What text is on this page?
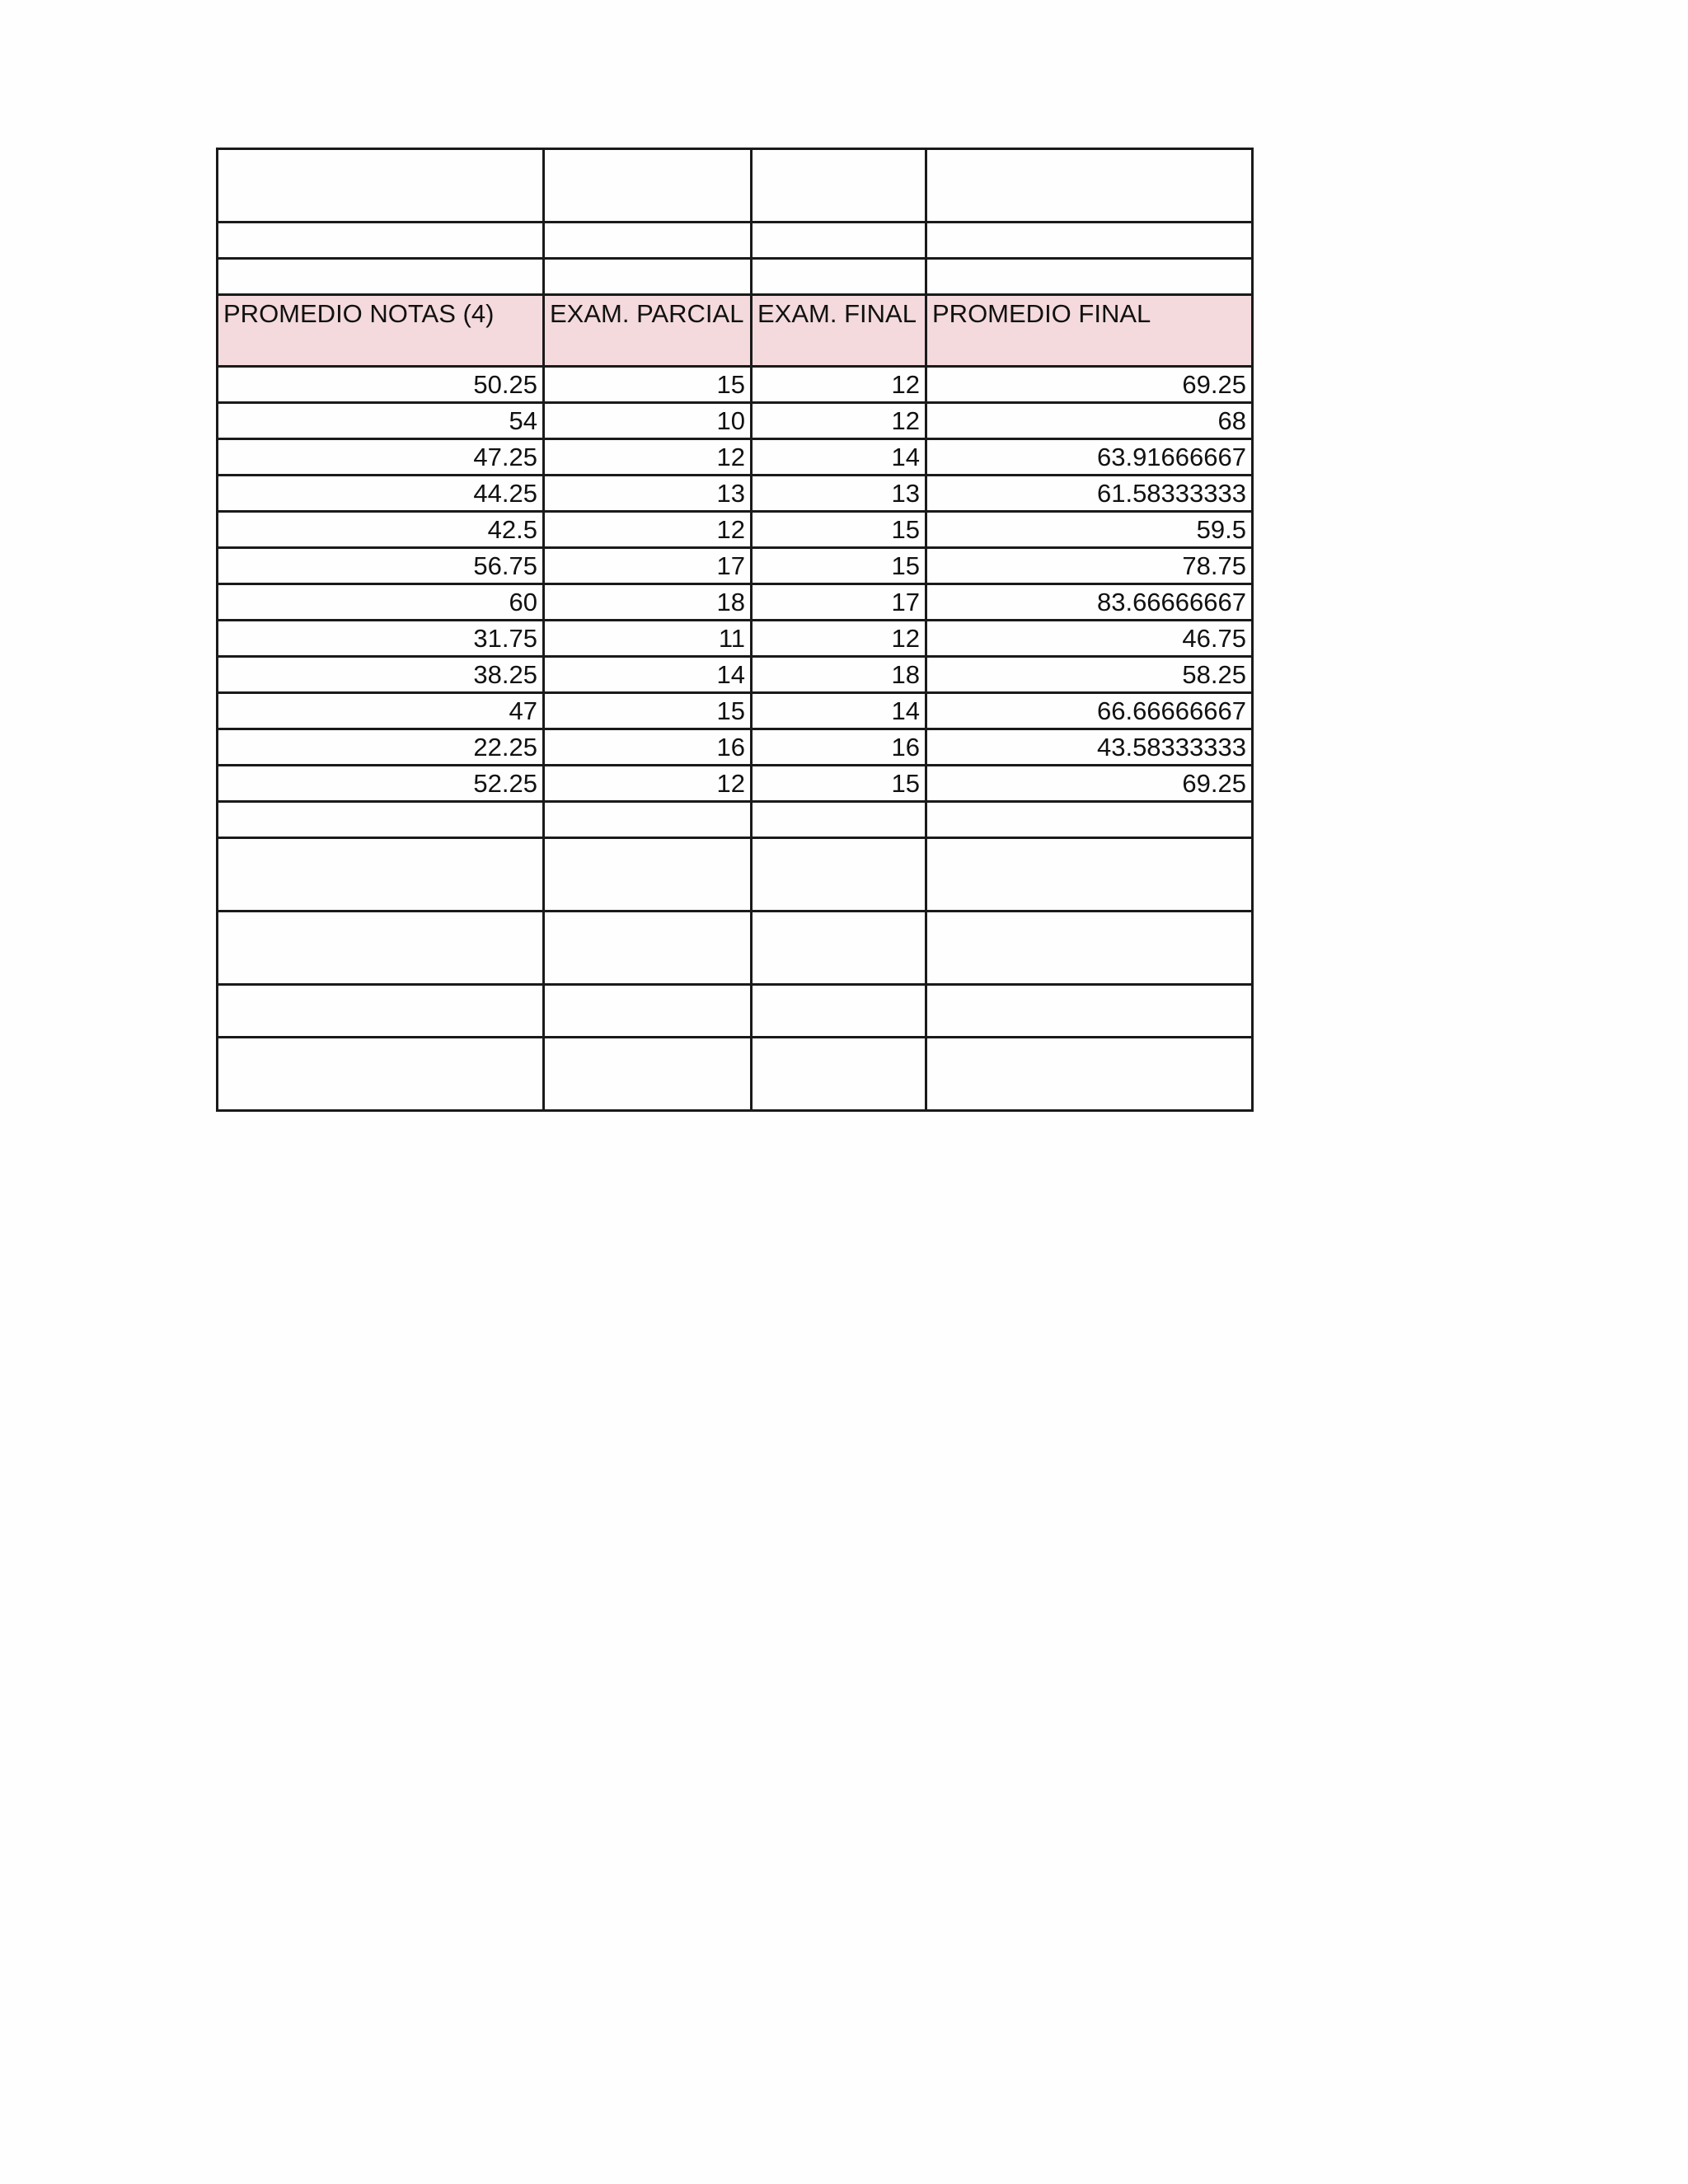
PROMEDIO NOTAS (4)	EXAM. PARCIAL	EXAM. FINAL	PROMEDIO FINAL
50.25	15	12	69.25
54	10	12	68
47.25	12	14	63.91666667
44.25	13	13	61.58333333
42.5	12	15	59.5
56.75	17	15	78.75
60	18	17	83.66666667
31.75	11	12	46.75
38.25	14	18	58.25
47	15	14	66.66666667
22.25	16	16	43.58333333
52.25	12	15	69.25
